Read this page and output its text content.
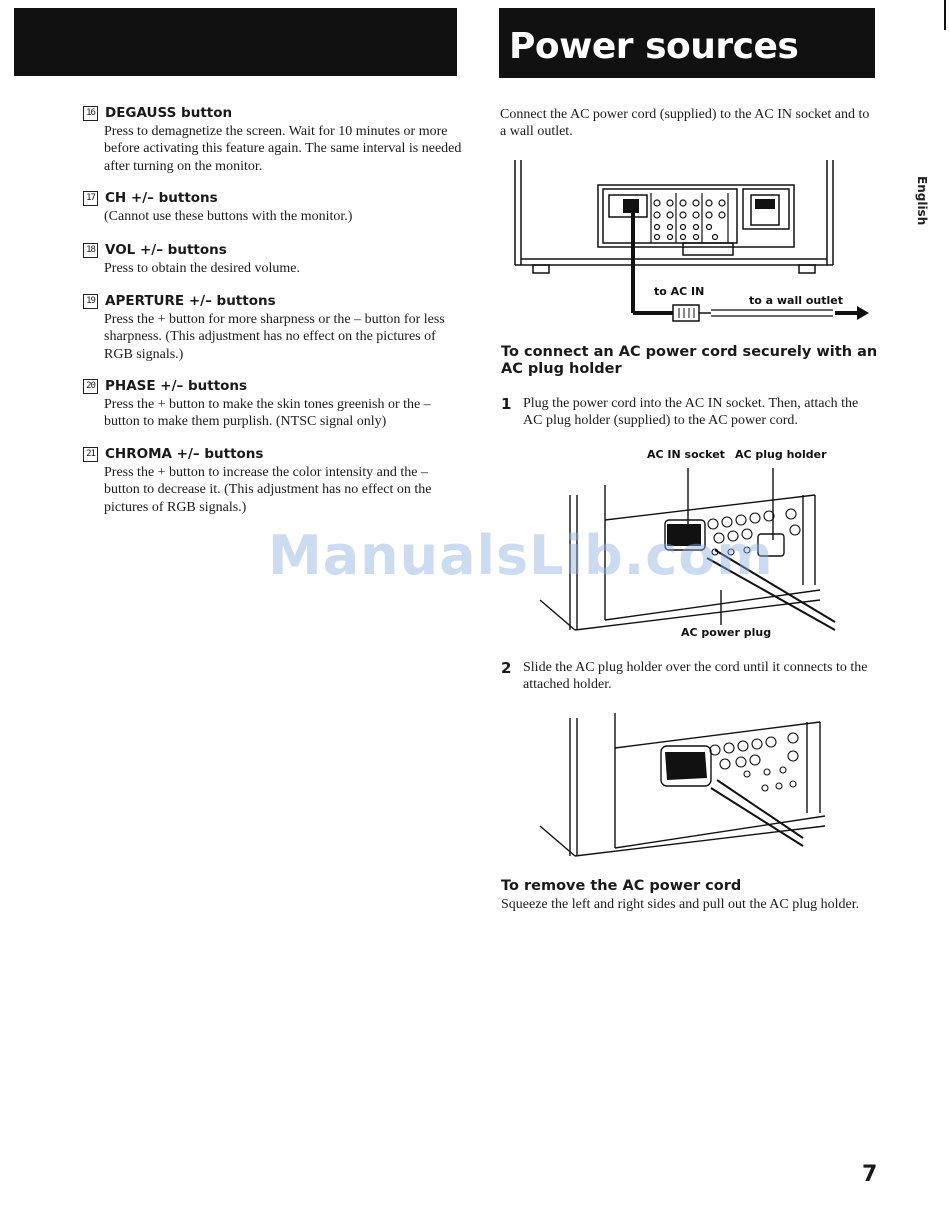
Power sources
English
16 DEGAUSS button
Press to demagnetize the screen. Wait for 10 minutes or more before activating this feature again. The same interval is needed after turning on the monitor.
17 CH +/– buttons
(Cannot use these buttons with the monitor.)
18 VOL +/– buttons
Press to obtain the desired volume.
19 APERTURE +/– buttons
Press the + button for more sharpness or the – button for less sharpness. (This adjustment has no effect on the pictures of RGB signals.)
20 PHASE +/– buttons
Press the + button to make the skin tones greenish or the – button to make them purplish. (NTSC signal only)
21 CHROMA +/– buttons
Press the + button to increase the color intensity and the – button to decrease it. (This adjustment has no effect on the pictures of RGB signals.)
Connect the AC power cord (supplied) to the AC IN socket and to a wall outlet.
to AC IN
to a wall outlet
To connect an AC power cord securely with an AC plug holder
1 Plug the power cord into the AC IN socket. Then, attach the AC plug holder (supplied) to the AC power cord.
AC IN socket AC plug holder
AC power plug
2 Slide the AC plug holder over the cord until it connects to the attached holder.
To remove the AC power cord
Squeeze the left and right sides and pull out the AC plug holder.
ManualsLib.com
7
